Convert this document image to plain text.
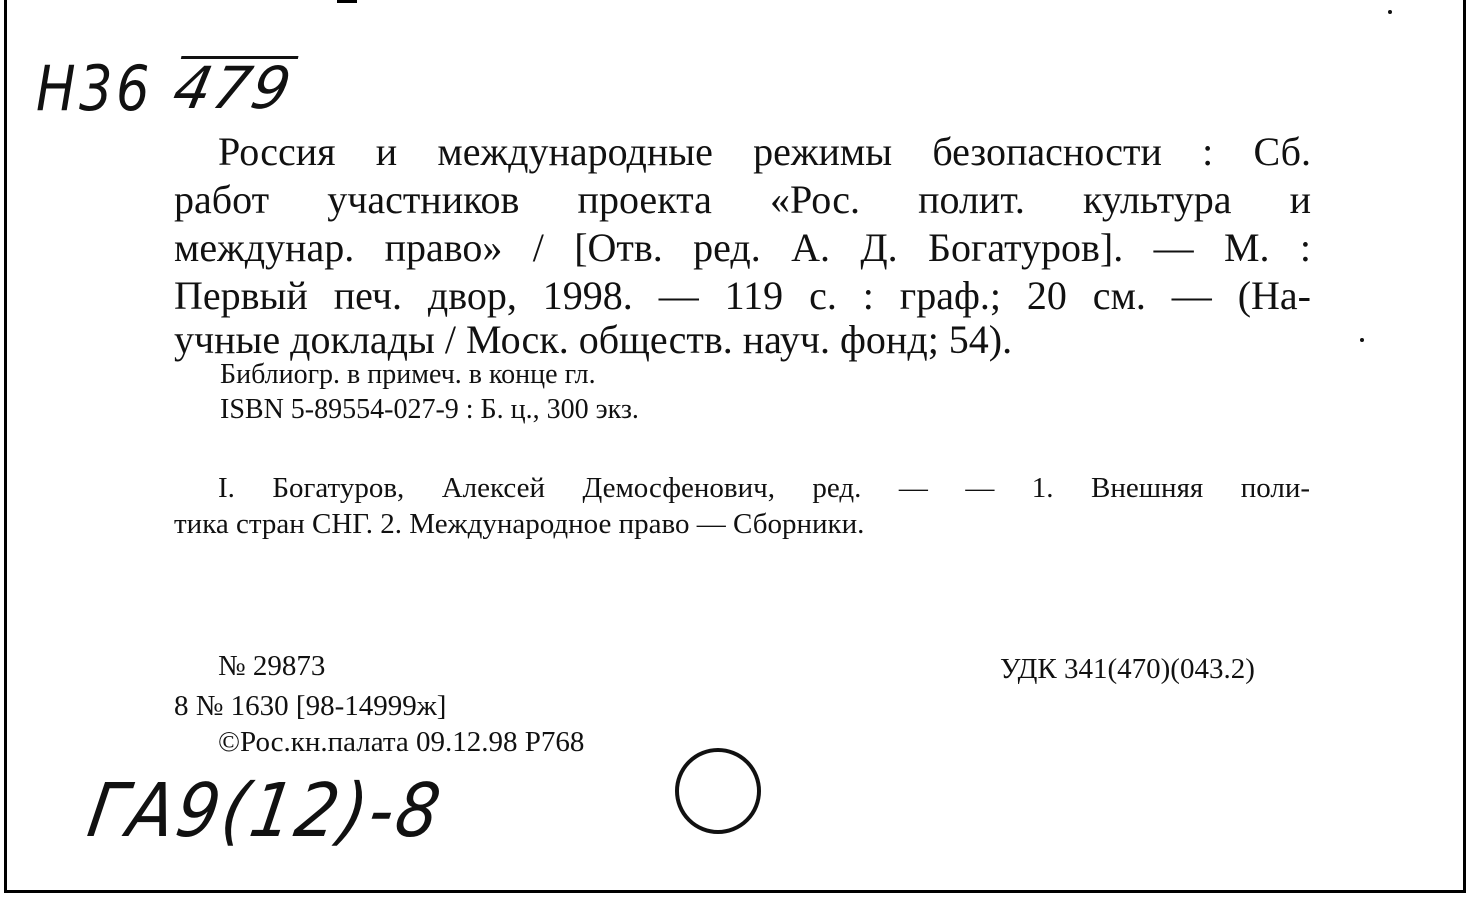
Н36 479
Россия и международные режимы безопасности : Сб.
работ участников проекта «Рос. полит. культура и
междунар. право» / [Отв. ред. А. Д. Богатуров]. — М. :
Первый печ. двор, 1998. — 119 с. : граф.; 20 см. — (На-
учные доклады / Моск. обществ. науч. фонд; 54).
Библиогр. в примеч. в конце гл.
ISBN 5-89554-027-9 : Б. ц., 300 экз.
I. Богатуров, Алексей Демосфенович, ред. — — 1. Внешняя поли-
тика стран СНГ. 2. Международное право — Сборники.
№ 29873	УДК 341(470)(043.2)
8 № 1630 [98-14999ж]
©Рос.кн.палата 09.12.98 Р768
ГА9(12)-8
